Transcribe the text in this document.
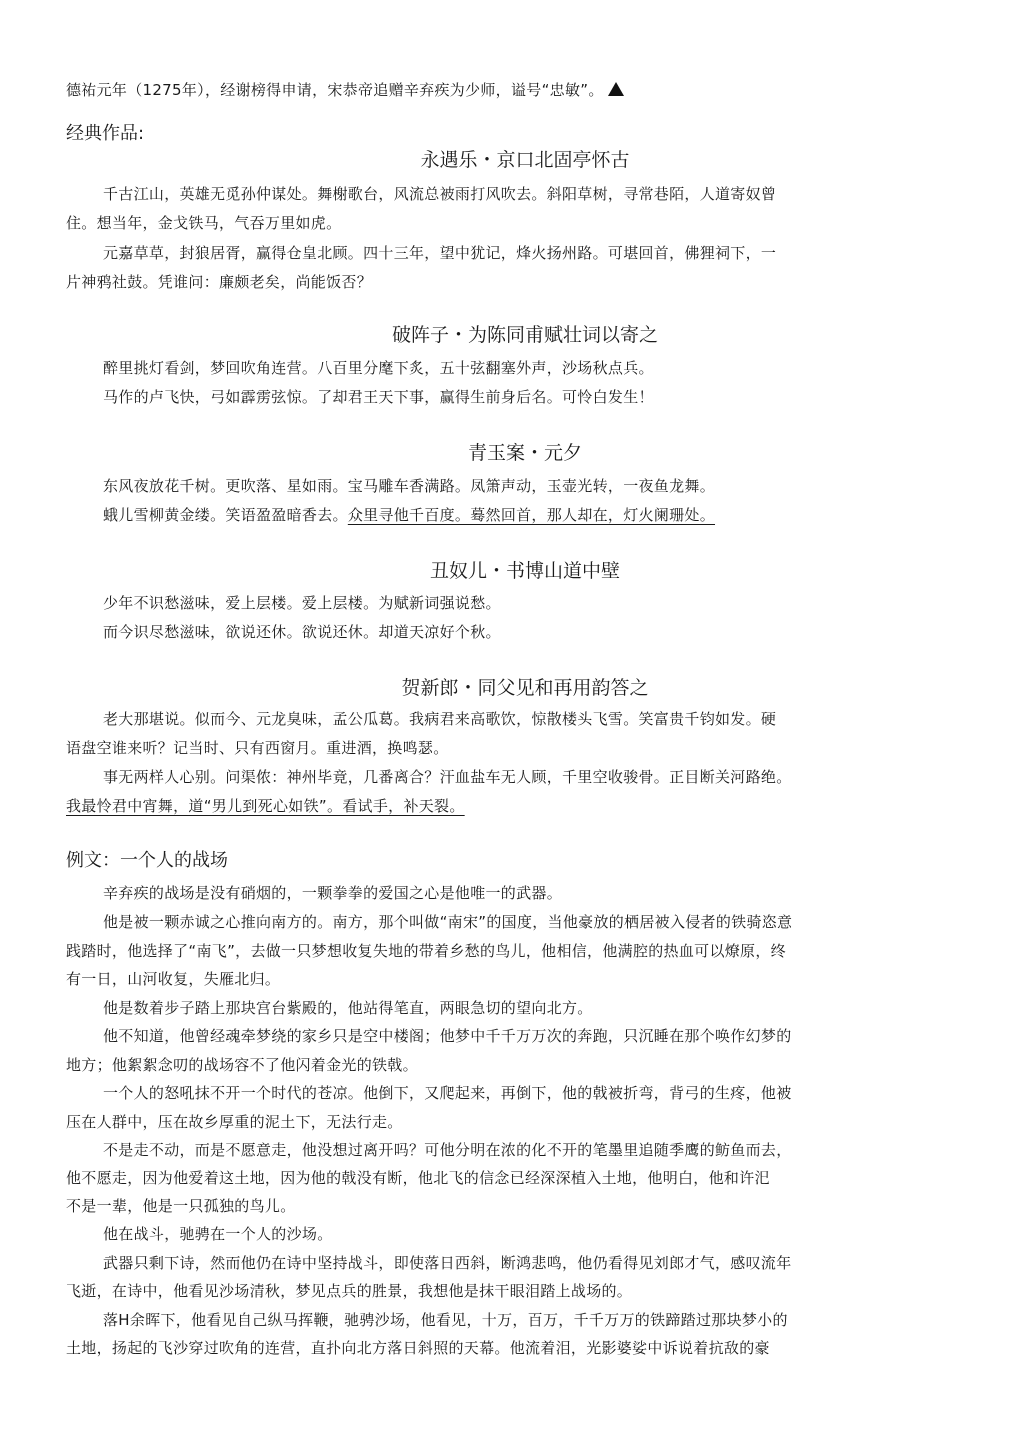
德祐元年（1275年），经谢榜得申请，宋恭帝追赠辛弃疾为少师，谥号“忠敏”。
经典作品:
永遇乐・京口北固亭怀古
千古江山，英雄无觅孙仲谋处。舞榭歌台，风流总被雨打风吹去。斜阳草树，寻常巷陌，人道寄奴曾
住。想当年，金戈铁马，气吞万里如虎。
元嘉草草，封狼居胥，赢得仓皇北顾。四十三年，望中犹记，烽火扬州路。可堪回首，佛狸祠下，一
片神鸦社鼓。凭谁问：廉颇老矣，尚能饭否？
破阵子・为陈同甫赋壮词以寄之
醉里挑灯看剑，梦回吹角连营。八百里分麾下炙，五十弦翻塞外声，沙场秋点兵。
马作的卢飞快，弓如霹雳弦惊。了却君王天下事，赢得生前身后名。可怜白发生！
青玉案・元夕
东风夜放花千树。更吹落、星如雨。宝马雕车香满路。凤箫声动，玉壶光转，一夜鱼龙舞。
蛾儿雪柳黄金缕。笑语盈盈暗香去。众里寻他千百度。蓦然回首，那人却在，灯火阑珊处。
丑奴儿・书博山道中壁
少年不识愁滋味，爱上层楼。爱上层楼。为赋新词强说愁。
而今识尽愁滋味，欲说还休。欲说还休。却道天凉好个秋。
贺新郎・同父见和再用韵答之
老大那堪说。似而今、元龙臭味，孟公瓜葛。我病君来高歌饮，惊散楼头飞雪。笑富贵千钧如发。硬
语盘空谁来听？记当时、只有西窗月。重进酒，换鸣瑟。
事无两样人心别。问渠侬：神州毕竟，几番离合？汗血盐车无人顾，千里空收骏骨。正目断关河路绝。
我最怜君中宵舞，道“男儿到死心如铁”。看试手，补天裂。
例文：一个人的战场
辛弃疾的战场是没有硝烟的，一颗拳拳的爱国之心是他唯一的武器。
他是被一颗赤诚之心推向南方的。南方，那个叫做“南宋”的国度，当他豪放的栖居被入侵者的铁骑恣意
践踏时，他选择了“南飞”，去做一只梦想收复失地的带着乡愁的鸟儿，他相信，他满腔的热血可以燎原，终
有一日，山河收复，失雁北归。
他是数着步子踏上那块宫台紫殿的，他站得笔直，两眼急切的望向北方。
他不知道，他曾经魂牵梦绕的家乡只是空中楼阁；他梦中千千万万次的奔跑，只沉睡在那个唤作幻梦的
地方；他絮絮念叨的战场容不了他闪着金光的铁戟。
一个人的怒吼抹不开一个时代的苍凉。他倒下，又爬起来，再倒下，他的戟被折弯，背弓的生疼，他被
压在人群中，压在故乡厚重的泥土下，无法行走。
不是走不动，而是不愿意走，他没想过离开吗？可他分明在浓的化不开的笔墨里追随季鹰的鲂鱼而去，
他不愿走，因为他爱着这土地，因为他的戟没有断，他北飞的信念已经深深植入土地，他明白，他和许汜
不是一辈，他是一只孤独的鸟儿。
他在战斗，驰骋在一个人的沙场。
武器只剩下诗，然而他仍在诗中坚持战斗，即使落日西斜，断鸿悲鸣，他仍看得见刘郎才气，感叹流年
飞逝，在诗中，他看见沙场清秋，梦见点兵的胜景，我想他是抹干眼泪踏上战场的。
落H余晖下，他看见自己纵马挥鞭，驰骋沙场，他看见，十万，百万，千千万万的铁蹄踏过那块梦小的
土地，扬起的飞沙穿过吹角的连营，直扑向北方落日斜照的天幕。他流着泪，光影婆娑中诉说着抗敌的豪
